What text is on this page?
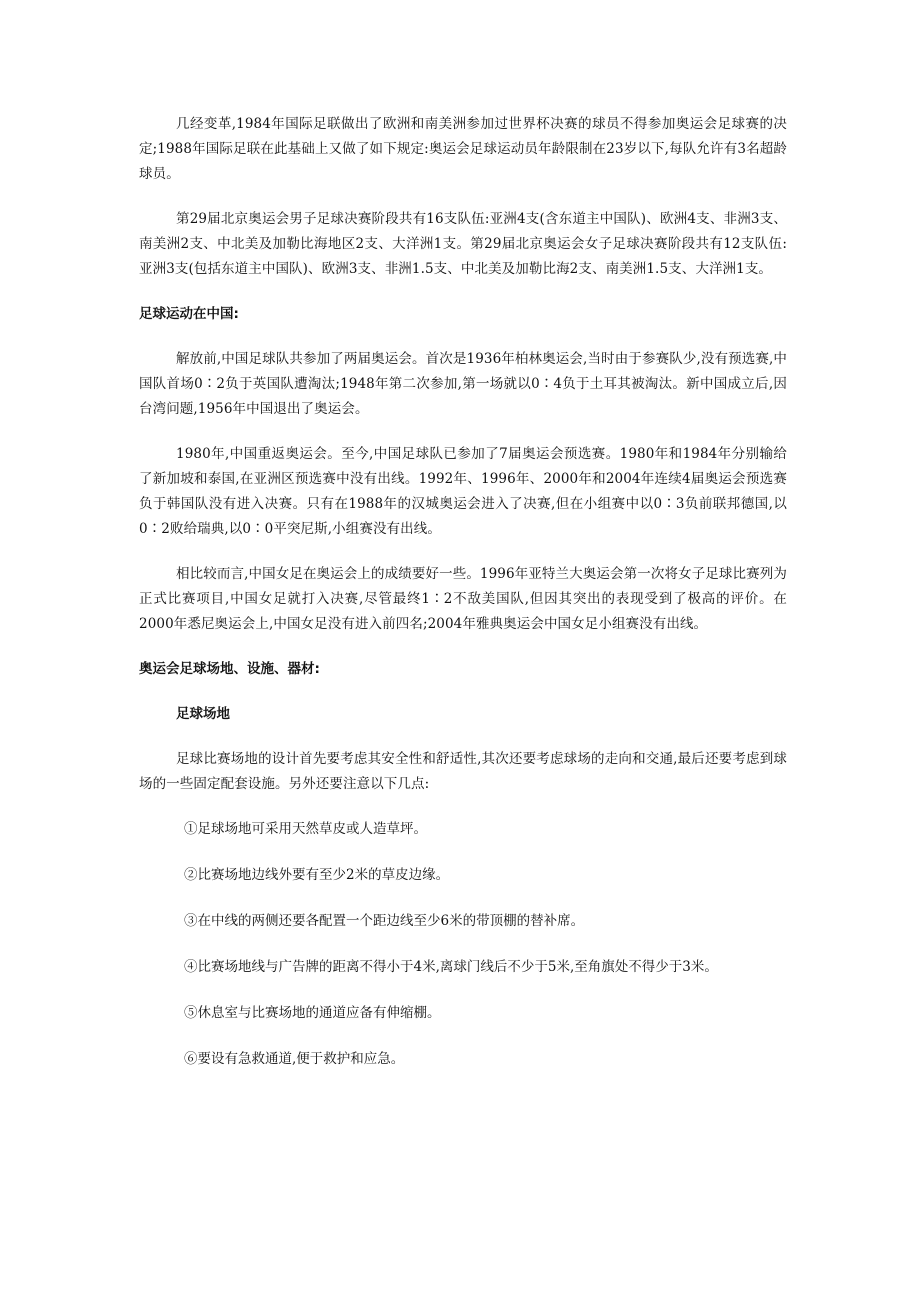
几经变革,1984年国际足联做出了欧洲和南美洲参加过世界杯决赛的球员不得参加奥运会足球赛的决定;1988年国际足联在此基础上又做了如下规定:奥运会足球运动员年龄限制在23岁以下,每队允许有3名超龄球员。

第29届北京奥运会男子足球决赛阶段共有16支队伍:亚洲4支(含东道主中国队)、欧洲4支、非洲3支、南美洲2支、中北美及加勒比海地区2支、大洋洲1支。第29届北京奥运会女子足球决赛阶段共有12支队伍:亚洲3支(包括东道主中国队)、欧洲3支、非洲1.5支、中北美及加勒比海2支、南美洲1.5支、大洋洲1支。

足球运动在中国:

解放前,中国足球队共参加了两届奥运会。首次是1936年柏林奥运会,当时由于参赛队少,没有预选赛,中国队首场0∶2负于英国队遭淘汰;1948年第二次参加,第一场就以0∶4负于土耳其被淘汰。新中国成立后,因台湾问题,1956年中国退出了奥运会。

1980年,中国重返奥运会。至今,中国足球队已参加了7届奥运会预选赛。1980年和1984年分别输给了新加坡和泰国,在亚洲区预选赛中没有出线。1992年、1996年、2000年和2004年连续4届奥运会预选赛负于韩国队没有进入决赛。只有在1988年的汉城奥运会进入了决赛,但在小组赛中以0∶3负前联邦德国,以0∶2败给瑞典,以0∶0平突尼斯,小组赛没有出线。

相比较而言,中国女足在奥运会上的成绩要好一些。1996年亚特兰大奥运会第一次将女子足球比赛列为正式比赛项目,中国女足就打入决赛,尽管最终1∶2不敌美国队,但因其突出的表现受到了极高的评价。在2000年悉尼奥运会上,中国女足没有进入前四名;2004年雅典奥运会中国女足小组赛没有出线。

奥运会足球场地、设施、器材:
足球场地

足球比赛场地的设计首先要考虑其安全性和舒适性,其次还要考虑球场的走向和交通,最后还要考虑到球场的一些固定配套设施。另外还要注意以下几点:

①足球场地可采用天然草皮或人造草坪。
②比赛场地边线外要有至少2米的草皮边缘。
③在中线的两侧还要各配置一个距边线至少6米的带顶棚的替补席。
④比赛场地线与广告牌的距离不得小于4米,离球门线后不少于5米,至角旗处不得少于3米。
⑤休息室与比赛场地的通道应备有伸缩棚。
⑥要设有急救通道,便于救护和应急。
